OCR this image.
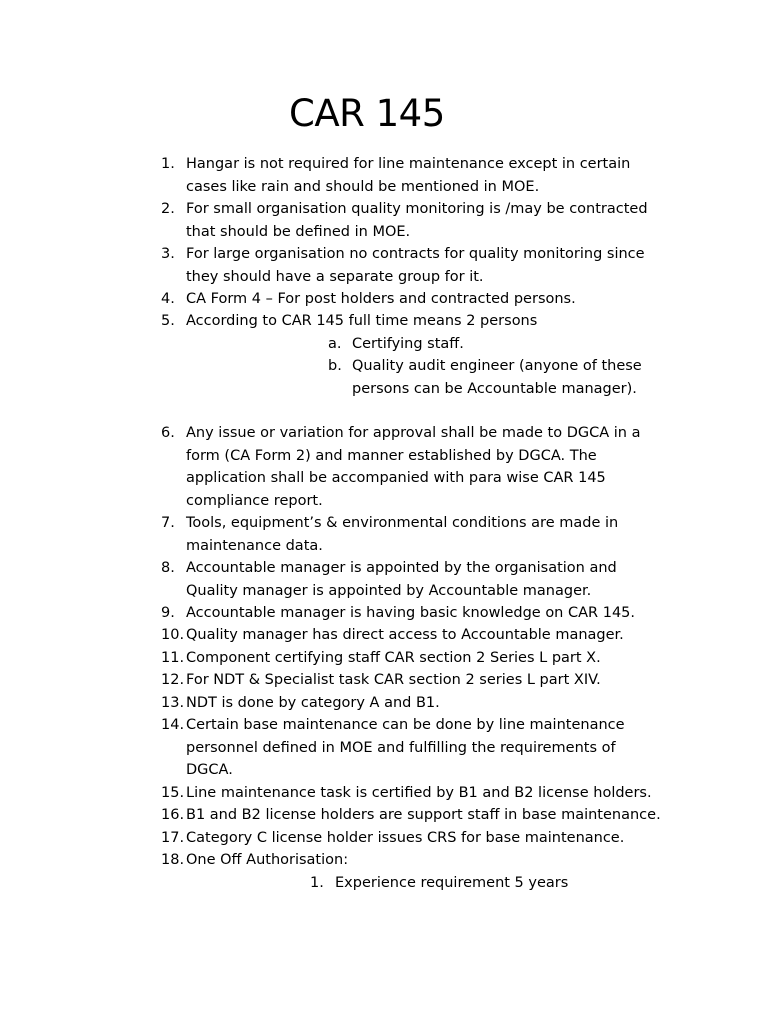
CAR 145
1. Hangar is not required for line maintenance except in certain
cases like rain and should be mentioned in MOE.
2. For small organisation quality monitoring is /may be contracted
that should be defined in MOE.
3. For large organisation no contracts for quality monitoring since
they should have a separate group for it.
4. CA Form 4 – For post holders and contracted persons.
5. According to CAR 145 full time means 2 persons
a. Certifying staff.
b. Quality audit engineer (anyone of these
persons can be Accountable manager).
6. Any issue or variation for approval shall be made to DGCA in a
form (CA Form 2) and manner established by DGCA. The
application shall be accompanied with para wise CAR 145
compliance report.
7. Tools, equipment’s & environmental conditions are made in
maintenance data.
8. Accountable manager is appointed by the organisation and
Quality manager is appointed by Accountable manager.
9. Accountable manager is having basic knowledge on CAR 145.
10. Quality manager has direct access to Accountable manager.
11. Component certifying staff CAR section 2 Series L part X.
12. For NDT & Specialist task CAR section 2 series L part XIV.
13. NDT is done by category A and B1.
14. Certain base maintenance can be done by line maintenance
personnel defined in MOE and fulfilling the requirements of
DGCA.
15. Line maintenance task is certified by B1 and B2 license holders.
16. B1 and B2 license holders are support staff in base maintenance.
17. Category C license holder issues CRS for base maintenance.
18. One Off Authorisation:
1. Experience requirement 5 years
